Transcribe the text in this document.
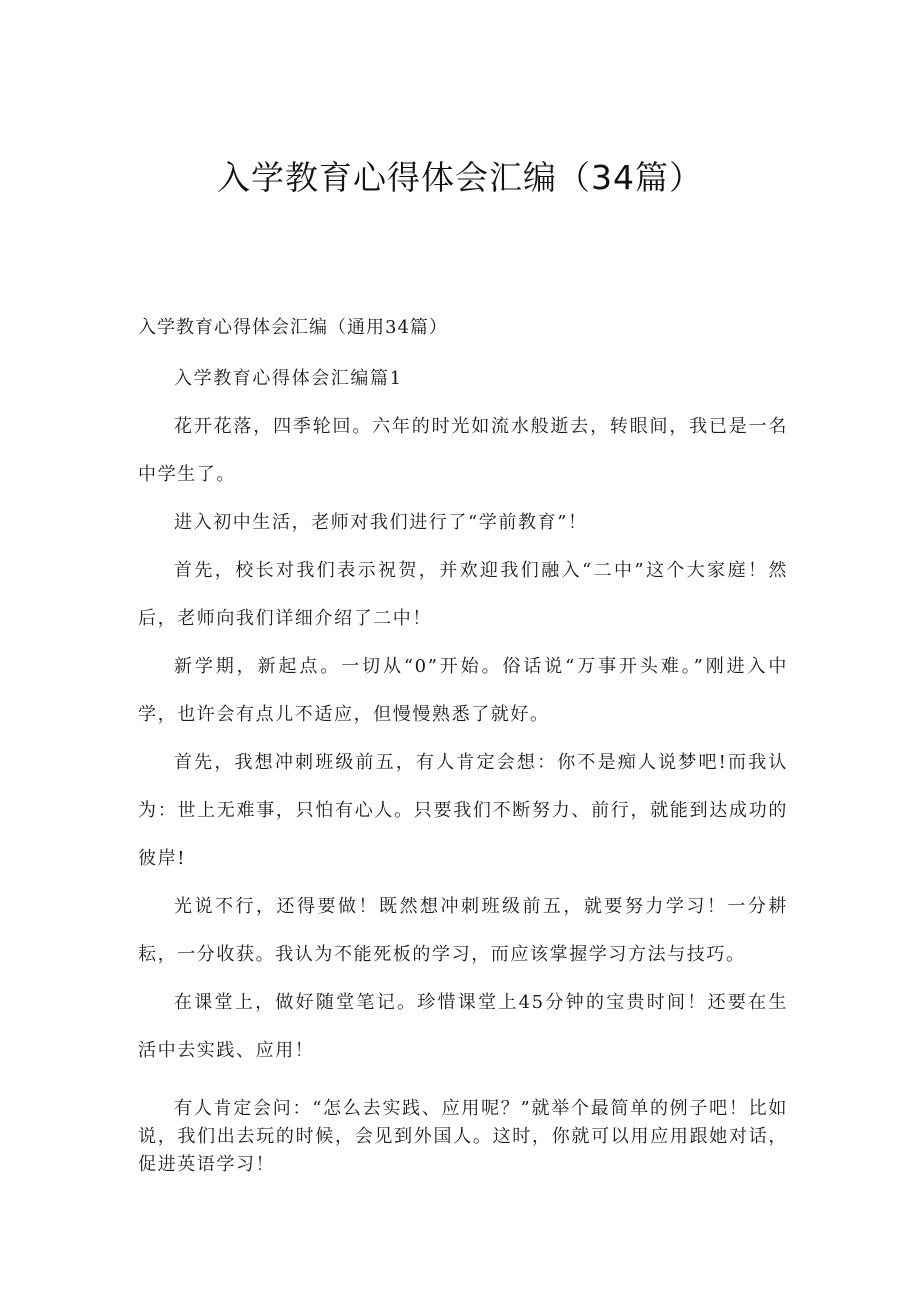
入学教育心得体会汇编（34篇）
入学教育心得体会汇编（通用34篇）

入学教育心得体会汇编篇1

花开花落，四季轮回。六年的时光如流水般逝去，转眼间，我已是一名中学生了。

进入初中生活，老师对我们进行了“学前教育”！

首先，校长对我们表示祝贺，并欢迎我们融入“二中”这个大家庭！然后，老师向我们详细介绍了二中！

新学期，新起点。一切从“0”开始。俗话说“万事开头难。”刚进入中学，也许会有点儿不适应，但慢慢熟悉了就好。

首先，我想冲刺班级前五，有人肯定会想：你不是痴人说梦吧!而我认为：世上无难事，只怕有心人。只要我们不断努力、前行，就能到达成功的彼岸!

光说不行，还得要做！既然想冲刺班级前五，就要努力学习！一分耕耘，一分收获。我认为不能死板的学习，而应该掌握学习方法与技巧。

在课堂上，做好随堂笔记。珍惜课堂上45分钟的宝贵时间！还要在生活中去实践、应用！

有人肯定会问：“怎么去实践、应用呢？”就举个最简单的例子吧！比如说，我们出去玩的时候，会见到外国人。这时，你就可以用应用跟她对话，促进英语学习！
